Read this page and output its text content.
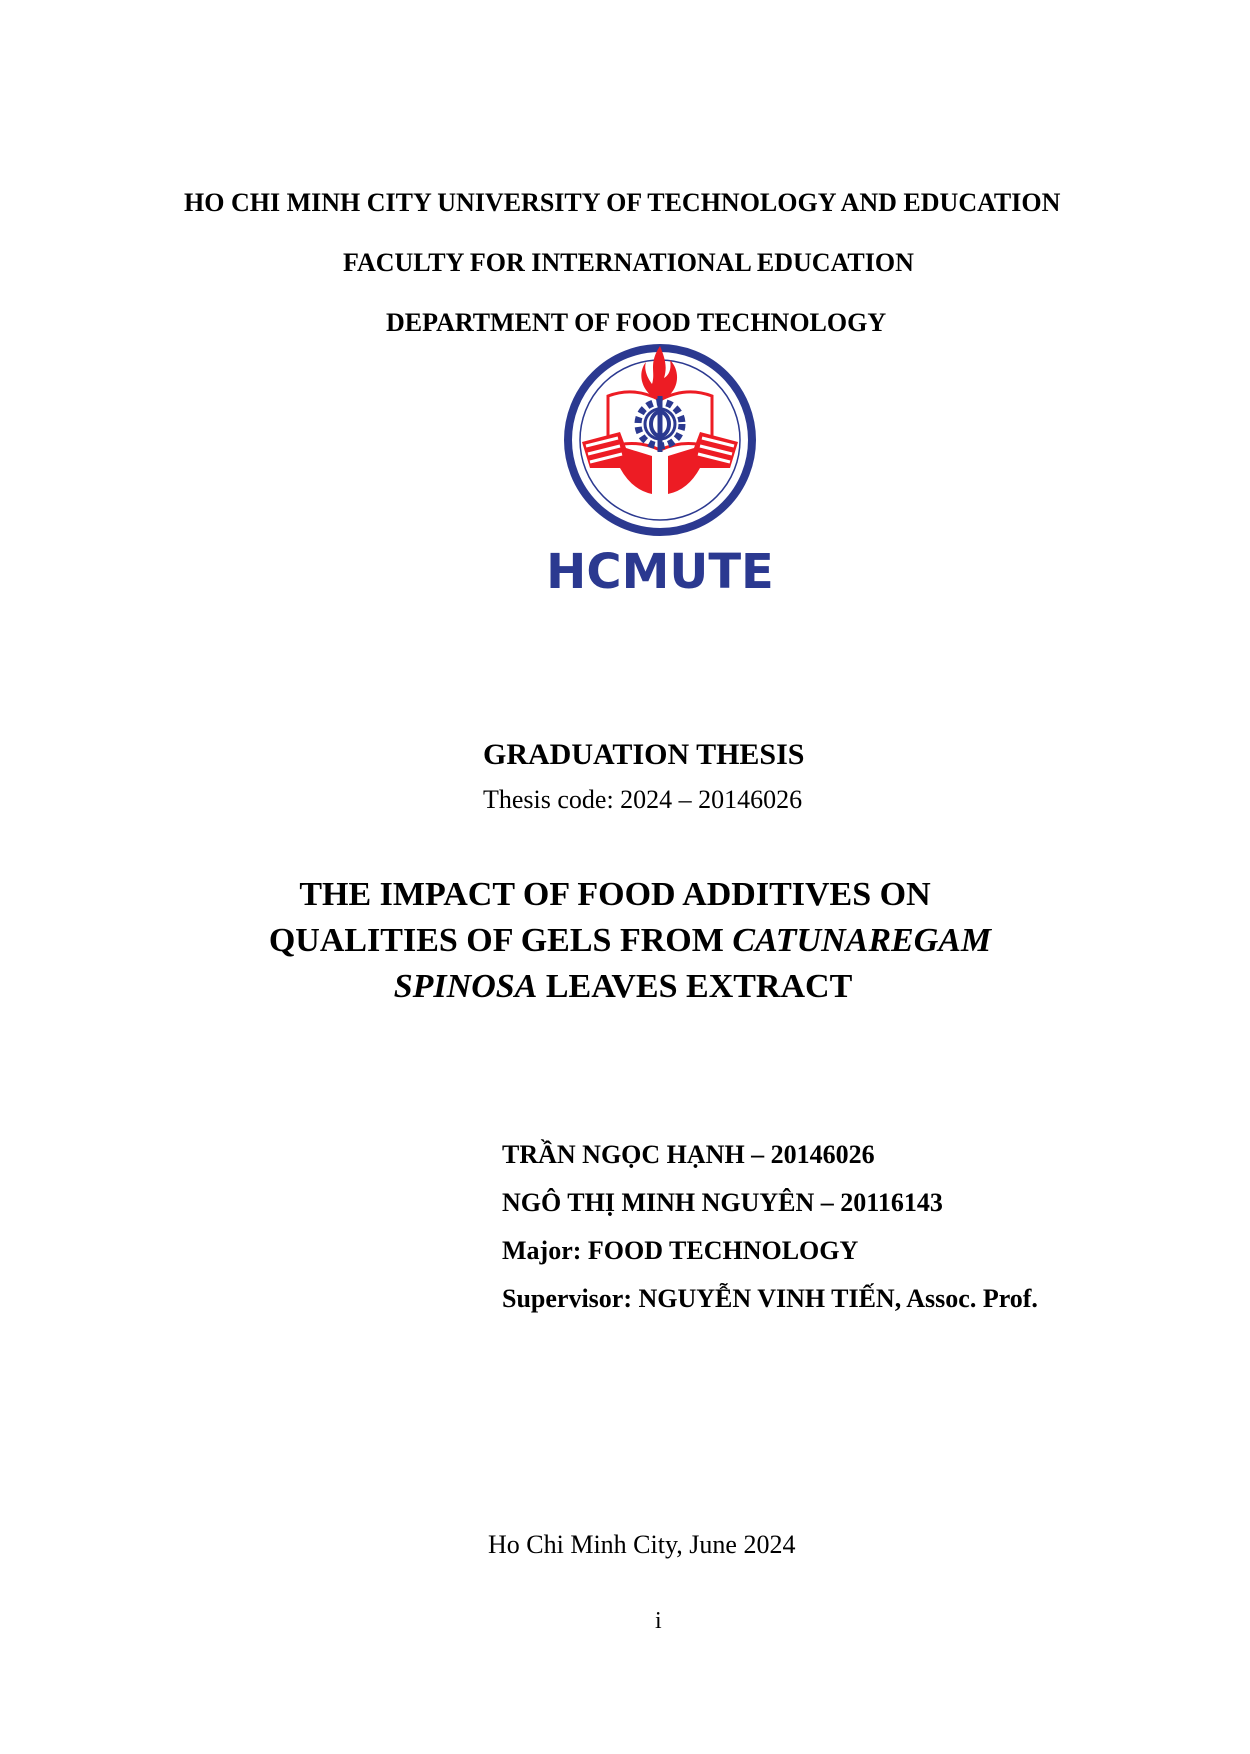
HO CHI MINH CITY UNIVERSITY OF TECHNOLOGY AND EDUCATION
FACULTY FOR INTERNATIONAL EDUCATION
DEPARTMENT OF FOOD TECHNOLOGY
HCMUTE
GRADUATION THESIS
Thesis code: 2024 – 20146026
THE IMPACT OF FOOD ADDITIVES ON
QUALITIES OF GELS FROM CATUNAREGAM
SPINOSA LEAVES EXTRACT
TRẦN NGỌC HẠNH – 20146026
NGÔ THỊ MINH NGUYÊN – 20116143
Major: FOOD TECHNOLOGY
Supervisor: NGUYỄN VINH TIẾN, Assoc. Prof.
Ho Chi Minh City, June 2024
i
